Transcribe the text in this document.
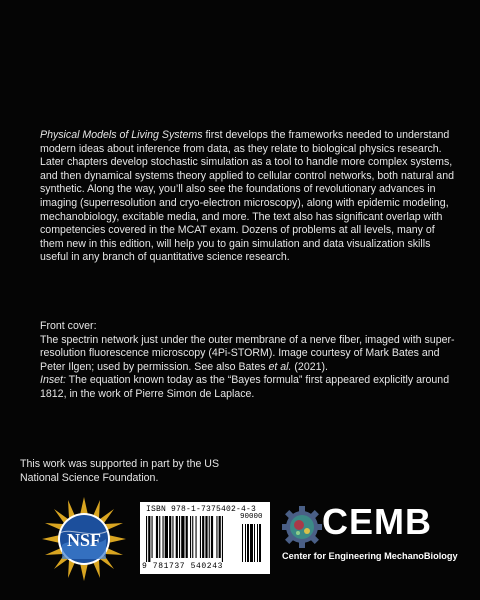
Physical Models of Living Systems first develops the frameworks needed to understand modern ideas about inference from data, as they relate to biological physics research. Later chapters develop stochastic simulation as a tool to handle more complex systems, and then dynamical systems theory applied to cellular control networks, both natural and synthetic. Along the way, you’ll also see the foundations of revolutionary advances in imaging (superresolution and cryo-electron microscopy), along with epidemic modeling, mechanobiology, excitable media, and more. The text also has significant overlap with competencies covered in the MCAT exam. Dozens of problems at all levels, many of them new in this edition, will help you to gain simulation and data visualization skills useful in any branch of quantitative science research.

Front cover:

The spectrin network just under the outer membrane of a nerve fiber, imaged with super-resolution fluorescence microscopy (4Pi-STORM). Image courtesy of Mark Bates and Peter Ilgen; used by permission. See also Bates et al. (2021).

Inset: The equation known today as the “Bayes formula” first appeared explicitly around 1812, in the work of Pierre Simon de Laplace.

This work was supported in part by the US National Science Foundation.

NSF
ISBN 978-1-7375402-4-3
90000
9 781737 540243
CEMB
Center for Engineering MechanoBiology
